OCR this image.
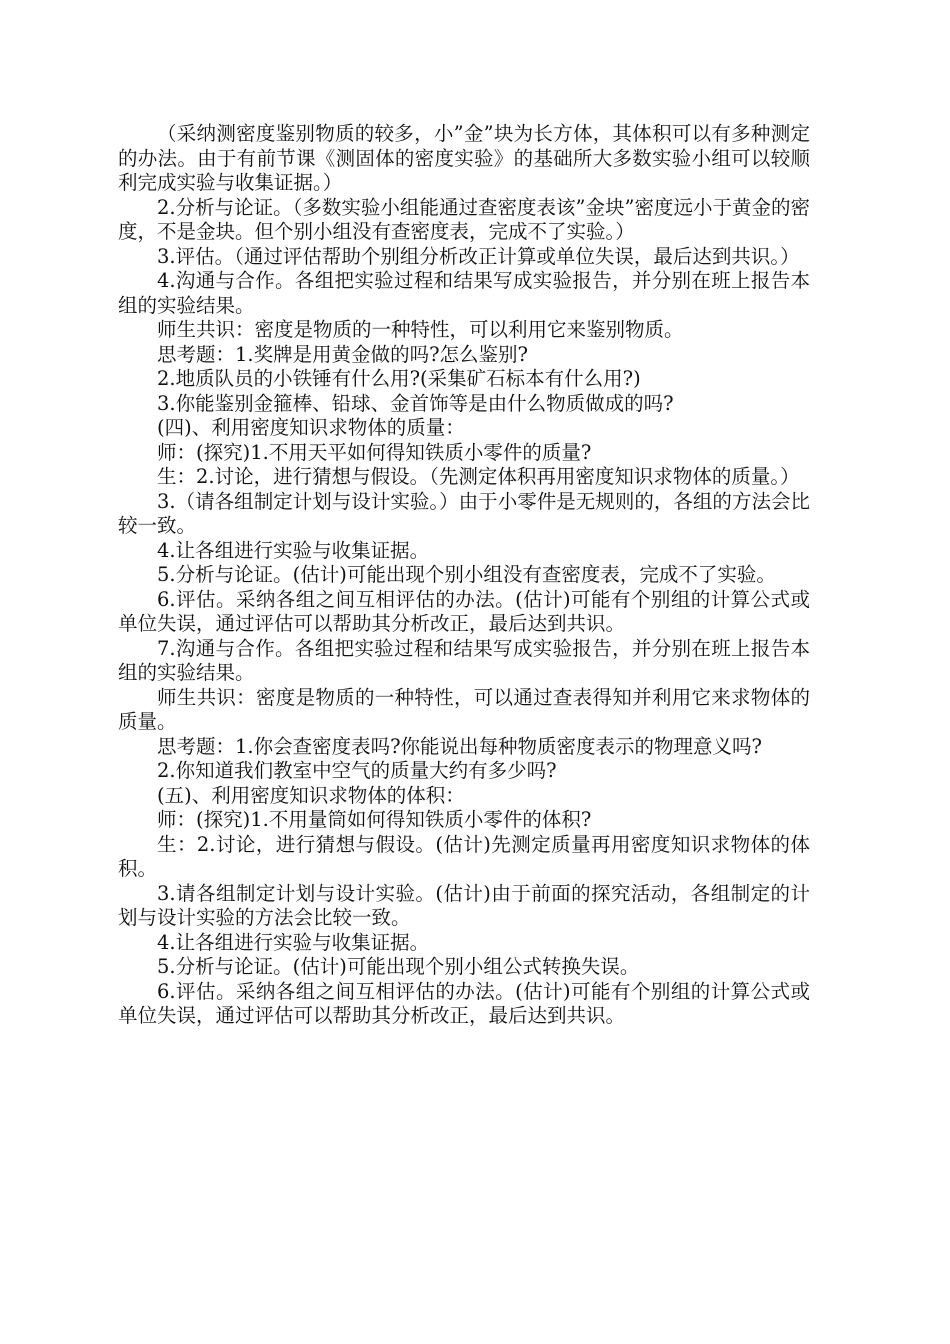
（采纳测密度鉴别物质的较多，小”金”块为长方体，其体积可以有多种测定的办法。由于有前节课《测固体的密度实验》的基础所大多数实验小组可以较顺利完成实验与收集证据。）

2.分析与论证。（多数实验小组能通过查密度表该”金块”密度远小于黄金的密度，不是金块。但个别小组没有查密度表，完成不了实验。）

3.评估。（通过评估帮助个别组分析改正计算或单位失误，最后达到共识。）

4.沟通与合作。各组把实验过程和结果写成实验报告，并分别在班上报告本组的实验结果。

师生共识：密度是物质的一种特性，可以利用它来鉴别物质。

思考题：1.奖牌是用黄金做的吗?怎么鉴别?

2.地质队员的小铁锤有什么用?(采集矿石标本有什么用?)

3.你能鉴别金箍棒、铅球、金首饰等是由什么物质做成的吗?

(四)、利用密度知识求物体的质量：

师：(探究)1.不用天平如何得知铁质小零件的质量?

生：2.讨论，进行猜想与假设。（先测定体积再用密度知识求物体的质量。）

3.（请各组制定计划与设计实验。）由于小零件是无规则的，各组的方法会比较一致。

4.让各组进行实验与收集证据。

5.分析与论证。(估计)可能出现个别小组没有查密度表，完成不了实验。

6.评估。采纳各组之间互相评估的办法。(估计)可能有个别组的计算公式或单位失误，通过评估可以帮助其分析改正，最后达到共识。

7.沟通与合作。各组把实验过程和结果写成实验报告，并分别在班上报告本组的实验结果。

师生共识：密度是物质的一种特性，可以通过查表得知并利用它来求物体的质量。

思考题：1.你会查密度表吗?你能说出每种物质密度表示的物理意义吗?

2.你知道我们教室中空气的质量大约有多少吗?

(五)、利用密度知识求物体的体积：

师：(探究)1.不用量筒如何得知铁质小零件的体积?

生：2.讨论，进行猜想与假设。(估计)先测定质量再用密度知识求物体的体积。

3.请各组制定计划与设计实验。(估计)由于前面的探究活动，各组制定的计划与设计实验的方法会比较一致。

4.让各组进行实验与收集证据。

5.分析与论证。(估计)可能出现个别小组公式转换失误。

6.评估。采纳各组之间互相评估的办法。(估计)可能有个别组的计算公式或单位失误，通过评估可以帮助其分析改正，最后达到共识。
